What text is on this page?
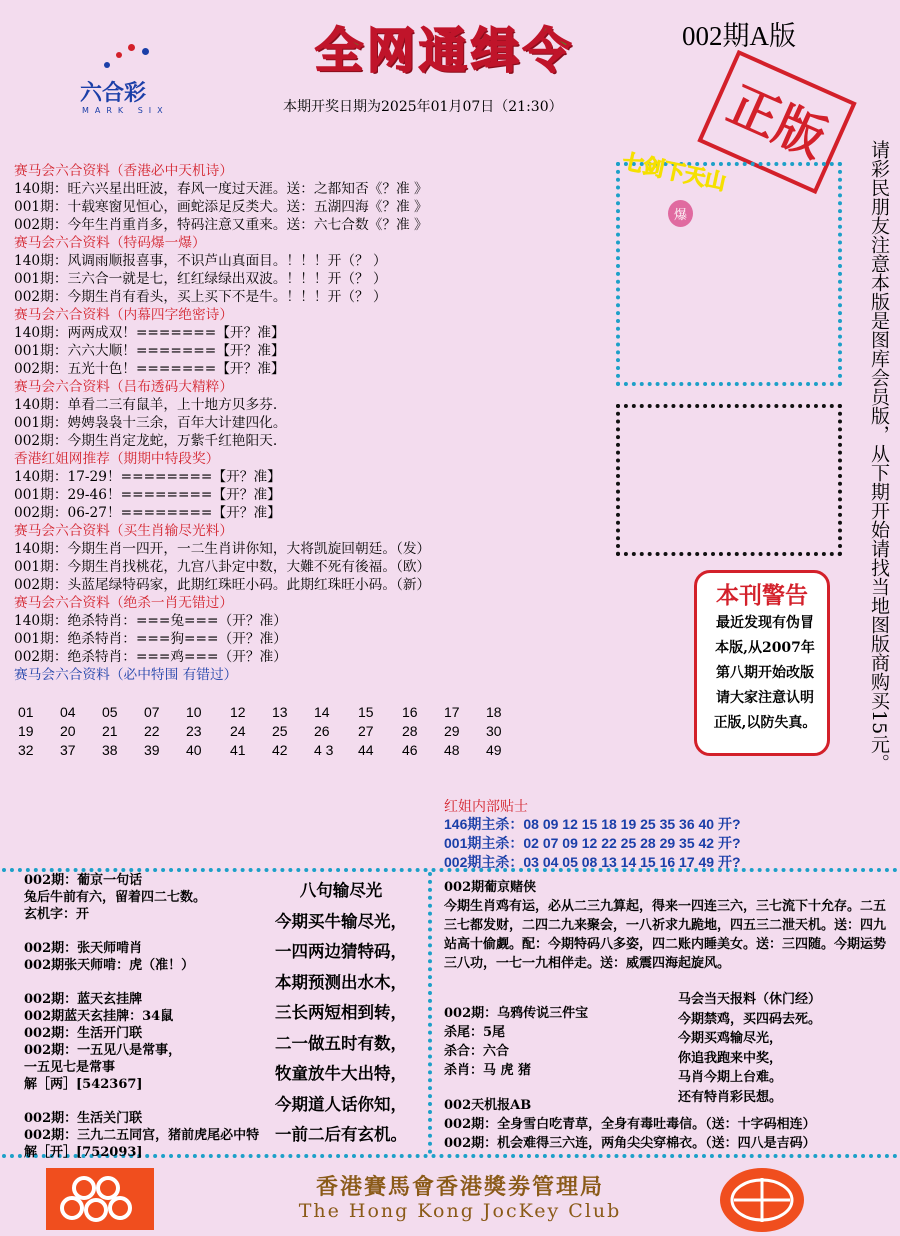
六合彩
MARK SIX
全网通缉令	002期A版
本期开奖日期为2025年01月07日（21:30）	正版
请彩民朋友注意本版是图库会员版，从下期开始请找当地图版商购买15元。
七剑下天山
爆
本刊警告
最近发现有伪冒
本版,从2007年
第八期开始改版
请大家注意认明
正版,以防失真。
赛马会六合资料（香港必中天机诗）
140期：旺六兴星出旺波，春风一度过天涯。送：之都知否《？准 》
001期：十载寒窗见恒心，画蛇添足反类犬。送：五湖四海《？准 》
002期：今年生肖重肖多，特码注意又重来。送：六七合数《？准 》
赛马会六合资料（特码爆一爆）
140期：风调雨顺报喜事，不识芦山真面目。！！！开（？ ）
001期：三六合一就是七，红红绿绿出双波。！！！开（？ ）
002期：今期生肖有看头，买上买下不是牛。！！！开（？ ）
赛马会六合资料（内幕四字绝密诗）
140期：两两成双！=======【开？准】
001期：六六大顺！=======【开？准】
002期：五光十色！=======【开？准】
赛马会六合资料（吕布透码大精粹）
140期：单看二三有鼠羊，上十地方贝多芬.
001期：娉娉袅袅十三余，百年大计建四化。
002期：今期生肖定龙蛇，万紫千红艳阳天.
香港红姐网推荐（期期中特段奖）
140期：17-29！========【开？准】
001期：29-46！========【开？准】
002期：06-27！========【开？准】
赛马会六合资料（买生肖输尽光料）
140期：今期生肖一四开，一二生肖讲你知，大将凯旋回朝廷。（发）
001期：今期生肖找桃花，九宫八卦定中数，大難不死有後福。（欧）
002期：头蓝尾绿特码家，此期红珠旺小码。此期红珠旺小码。（新）
赛马会六合资料（绝杀一肖无错过）
140期：绝杀特肖：===兔===（开？准）
001期：绝杀特肖：===狗===（开？准）
002期：绝杀特肖：===鸡===（开？准）
赛马会六合资料（必中特围 有错过）
01 04 05 07 10 12 13 14 15 16 17 18
19 20 21 22 23 24 25 26 27 28 29 30
32 37 38 39 40 41 42 4 3 44 46 48 49
红姐内部贴士
146期主杀：08 09 12 15 18 19 25 35 36 40 开?
001期主杀：02 07 09 12 22 25 28 29 35 42 开?
002期主杀：03 04 05 08 13 14 15 16 17 49 开?
002期：葡京一句话
兔后牛前有六，留着四二七数。
玄机字：开
002期：张天师啃肖
002期张天师啃：虎（准！）
002期：蓝天玄挂牌
002期蓝天玄挂牌：34鼠
002期：生活开门联
002期：一五见八是常事，
一五见七是常事
解［两］[542367]
002期：生活关门联
002期：三九二五同宫，猪前虎尾必中特
解［开］[752093]
八句输尽光
今期买牛输尽光，
一四两边猜特码，
本期预测出水木，
三长两短相到转，
二一做五时有数，
牧童放牛大出特，
今期道人话你知，
一前二后有玄机。
002期葡京赌侠
今期生肖鸡有运，必从二三九算起，得来一四连三六，三七流下十允存。二五三七都发财，二四二九来聚会，一八祈求九跪地，四五三二泄天机。送：四九站高十偷觑。配：今期特码八多姿，四二账内睡美女。送：三四随。今期运势三八功，一七一九相伴走。送：威震四海起旋风。
马会当天报料（休门经）
今期禁鸡，买四码去死。
今期买鸡输尽光，
你追我跑来中奖，
马肖今期上台难。
还有特肖彩民想。
002期：乌鸦传说三件宝
杀尾：5尾
杀合：六合
杀肖：马 虎 猪
002天机报AB
002期：全身雪白吃青草，全身有毒吐毒信。（送：十字码相连）
002期：机会难得三六连，两角尖尖穿棉衣。（送：四八是吉码）
香港賽馬會香港獎劵管理局
The Hong Kong JocKey Club
